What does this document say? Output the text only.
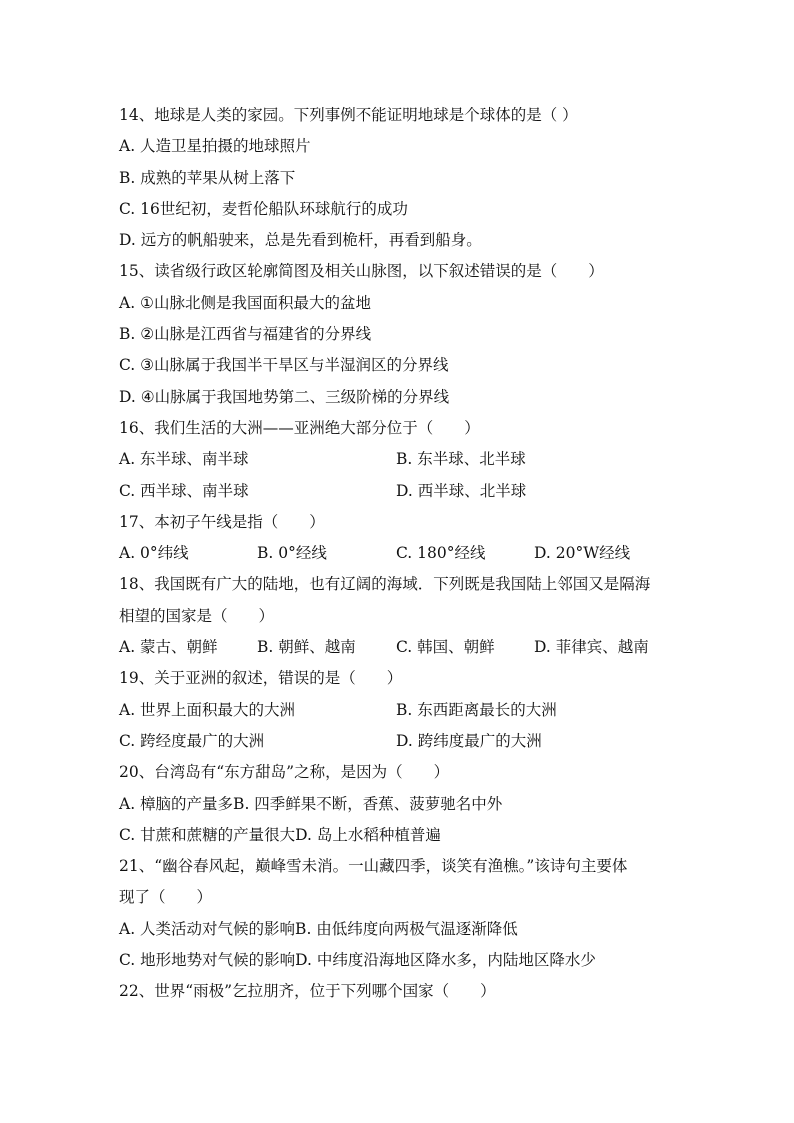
14、地球是人类的家园。下列事例不能证明地球是个球体的是（ ）
A. 人造卫星拍摄的地球照片
B. 成熟的苹果从树上落下
C. 16世纪初，麦哲伦船队环球航行的成功
D. 远方的帆船驶来，总是先看到桅杆，再看到船身。
15、读省级行政区轮廓简图及相关山脉图，以下叙述错误的是（　　）
A. ①山脉北侧是我国面积最大的盆地
B. ②山脉是江西省与福建省的分界线
C. ③山脉属于我国半干旱区与半湿润区的分界线
D. ④山脉属于我国地势第二、三级阶梯的分界线
16、我们生活的大洲——亚洲绝大部分位于（　　）
A. 东半球、南半球	B. 东半球、北半球
C. 西半球、南半球	D. 西半球、北半球
17、本初子午线是指（　　）
A. 0°纬线	B. 0°经线	C. 180°经线	D. 20°W经线
18、我国既有广大的陆地，也有辽阔的海域．下列既是我国陆上邻国又是隔海
相望的国家是（　　）
A. 蒙古、朝鲜	B. 朝鲜、越南	C. 韩国、朝鲜	D. 菲律宾、越南
19、关于亚洲的叙述，错误的是（　　）
A. 世界上面积最大的大洲	B. 东西距离最长的大洲
C. 跨经度最广的大洲	D. 跨纬度最广的大洲
20、台湾岛有“东方甜岛”之称，是因为（　　）
A. 樟脑的产量多B. 四季鲜果不断，香蕉、菠萝驰名中外
C. 甘蔗和蔗糖的产量很大D. 岛上水稻种植普遍
21、“幽谷春风起，巅峰雪未消。一山藏四季，谈笑有渔樵。”该诗句主要体
现了（　　）
A. 人类活动对气候的影响B. 由低纬度向两极气温逐渐降低
C. 地形地势对气候的影响D. 中纬度沿海地区降水多，内陆地区降水少
22、世界“雨极”乞拉朋齐，位于下列哪个国家（　　）
